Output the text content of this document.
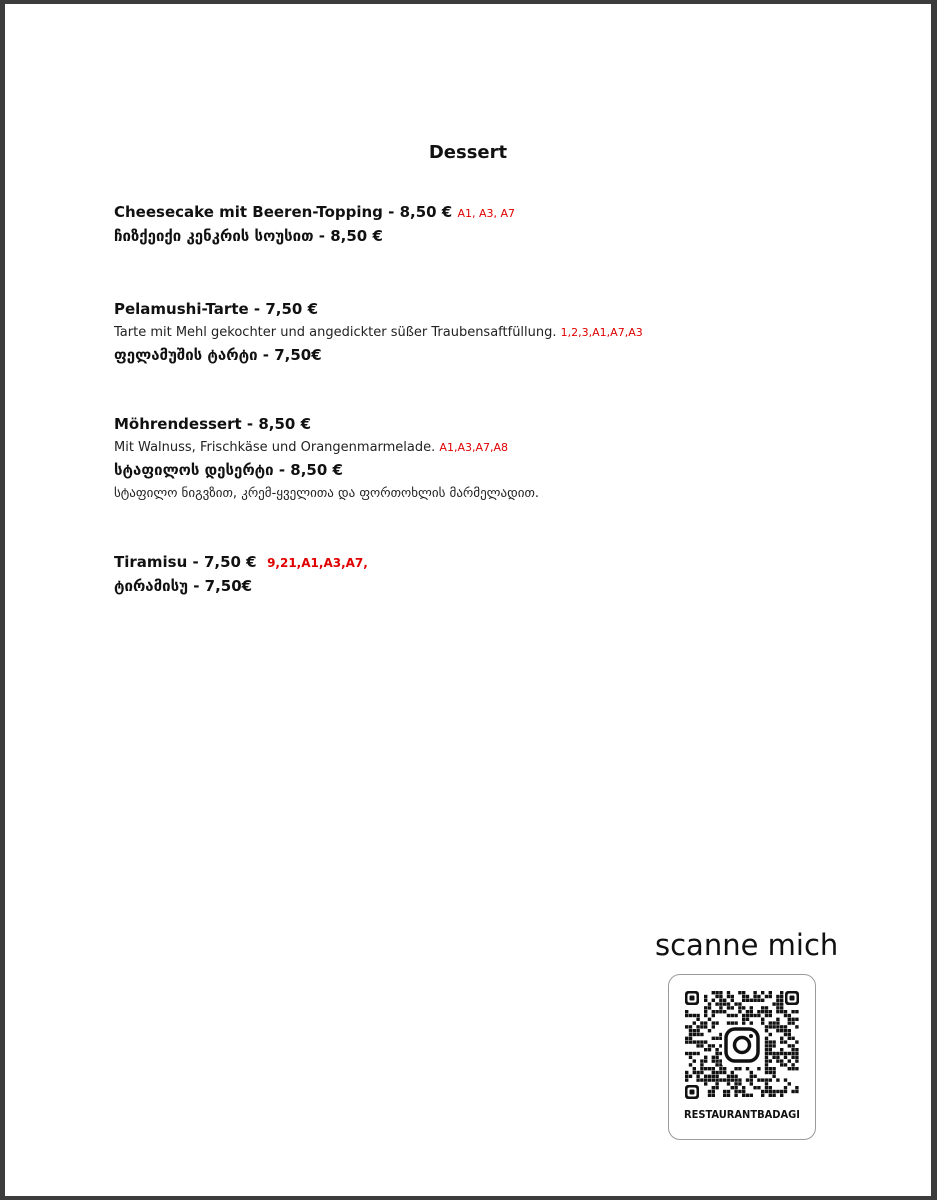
Dessert
Cheesecake mit Beeren-Topping - 8,50 € A1, A3, A7
ჩიზქეიქი კენკრის სოუსით - 8,50 €
Pelamushi-Tarte - 7,50 €
Tarte mit Mehl gekochter und angedickter süßer Traubensaftfüllung. 1,2,3,A1,A7,A3
ფელამუშის ტარტი - 7,50€
Möhrendessert - 8,50 €
Mit Walnuss, Frischkäse und Orangenmarmelade. A1,A3,A7,A8
სტაფილოს დესერტი - 8,50 €
სტაფილო ნიგვზით, კრემ-ყველითა და ფორთოხლის მარმელადით.
Tiramisu - 7,50 € 9,21,A1,A3,A7,
ტირამისუ - 7,50€
scanne mich
RESTAURANTBADAGI
